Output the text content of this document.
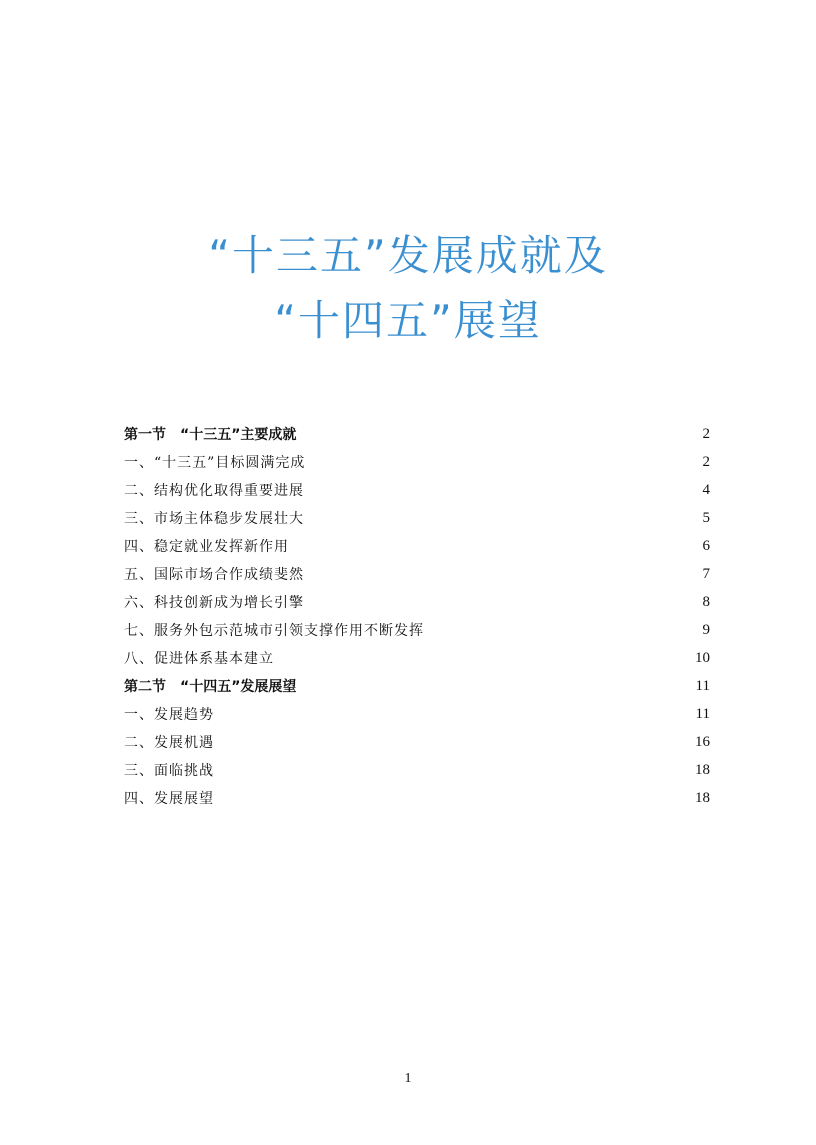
“十三五”发展成就及
“十四五”展望
第一节　“十三五”主要成就	2
一、“十三五”目标圆满完成	2
二、结构优化取得重要进展	4
三、市场主体稳步发展壮大	5
四、稳定就业发挥新作用	6
五、国际市场合作成绩斐然	7
六、科技创新成为增长引擎	8
七、服务外包示范城市引领支撑作用不断发挥	9
八、促进体系基本建立	10
第二节　“十四五”发展展望	11
一、发展趋势	11
二、发展机遇	16
三、面临挑战	18
四、发展展望	18
1
